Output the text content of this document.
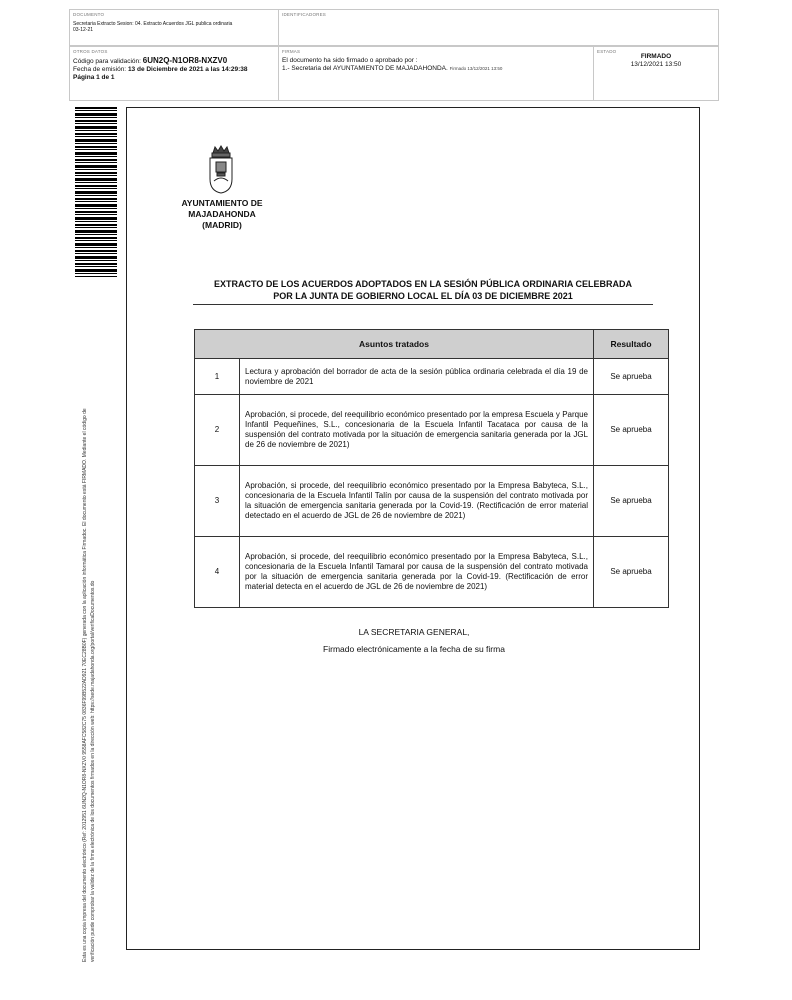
DOCUMENTO
Secretaria Extracto Sesion: 04. Extracto Acuerdos JGL publica ordinaria 03-12-21
IDENTIFICADORES
OTROS DATOS
Código para validación: 6UN2Q-N1OR8-NXZV0
Fecha de emisión: 13 de Diciembre de 2021 a las 14:29:38
Página 1 de 1
FIRMAS
El documento ha sido firmado o aprobado por :
1.- Secretaria del AYUNTAMIENTO DE MAJADAHONDA. Firmado 13/12/2021 13:50
ESTADO
FIRMADO
13/12/2021 13:50
Esta es una copia impresa del documento electrónico (Ref: 2012951 6UN2Q-N1OR8-NXZV0 9558AFC582C75 0836F99B522AD921 70EC28B0F) generada con la aplicación informática Firmadoc. El documento está FIRMADO. Mediante el código de verificación puede comprobar la validez de la firma electrónica de los documentos firmados en la dirección web: https://sede.majadahonda.org/portal/verificaDocumentos.do
AYUNTAMIENTO DE
MAJADAHONDA
(MADRID)
EXTRACTO DE LOS ACUERDOS ADOPTADOS EN LA SESIÓN PÚBLICA ORDINARIA CELEBRADA
POR LA JUNTA DE GOBIERNO LOCAL EL DÍA 03 DE DICIEMBRE 2021
Asuntos tratados		Resultado
1	Lectura y aprobación del borrador de acta de la sesión pública ordinaria celebrada el día 19 de noviembre de 2021	Se aprueba
2	Aprobación, si procede, del reequilibrio económico presentado por la empresa Escuela y Parque Infantil Pequeñines, S.L., concesionaria de la Escuela Infantil Tacataca por causa de la suspensión del contrato motivada por la situación de emergencia sanitaria generada por la JGL de 26 de noviembre de 2021)	Se aprueba
3	Aprobación, si procede, del reequilibrio económico presentado por la Empresa Babyteca, S.L., concesionaria de la Escuela Infantil Talín por causa de la suspensión del contrato motivada por la situación de emergencia sanitaria generada por la Covid-19. (Rectificación de error material detectado en el acuerdo de JGL de 26 de noviembre de 2021)	Se aprueba
4	Aprobación, si procede, del reequilibrio económico presentado por la Empresa Babyteca, S.L., concesionaria de la Escuela Infantil Tamaral por causa de la suspensión del contrato motivada por la situación de emergencia sanitaria generada por la Covid-19. (Rectificación de error material detecta en el acuerdo de JGL de 26 de noviembre de 2021)	Se aprueba
LA SECRETARIA GENERAL,
Firmado electrónicamente a la fecha de su firma
